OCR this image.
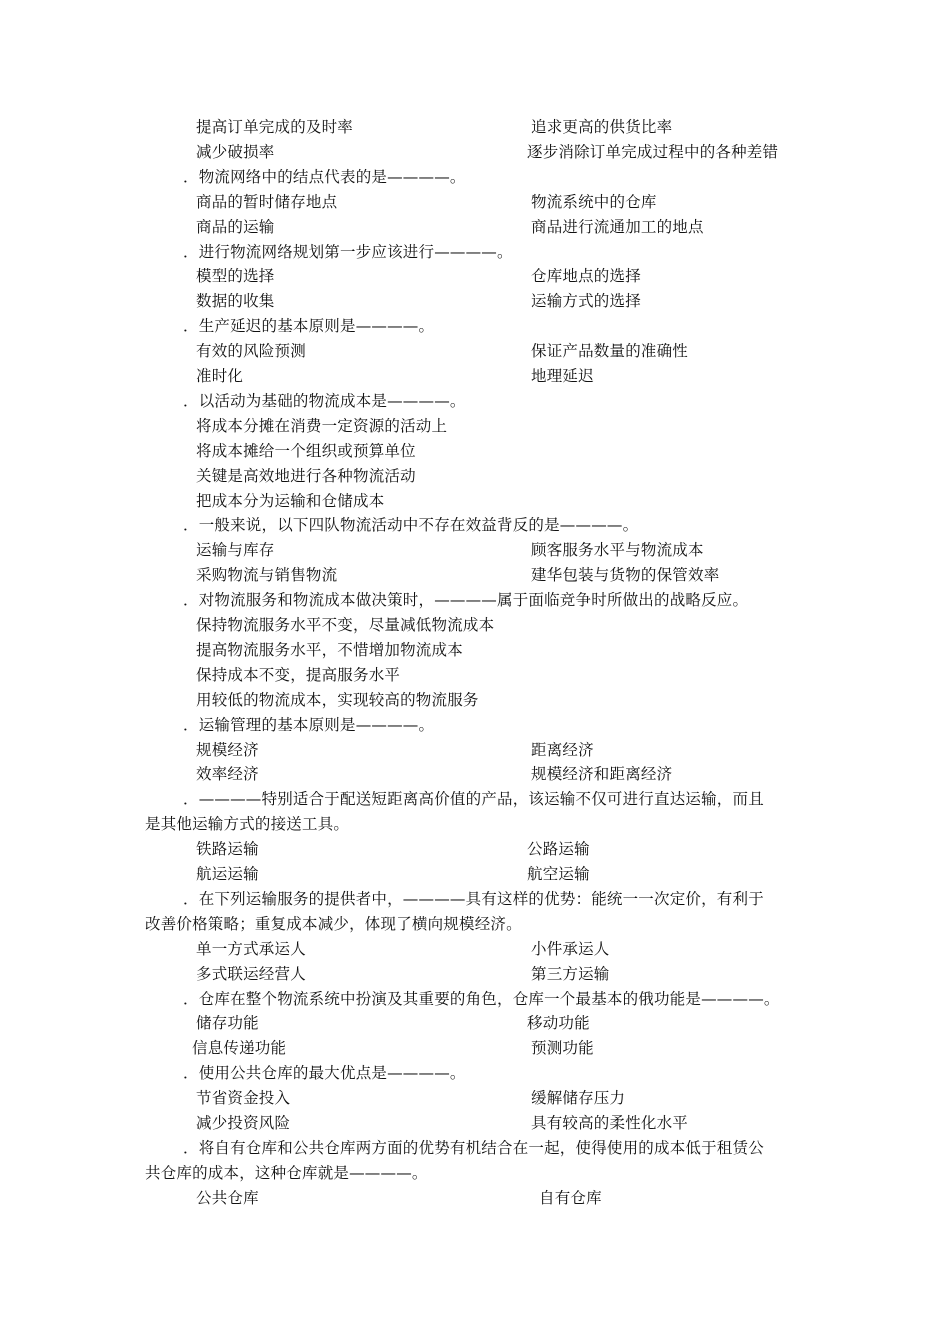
提高订单完成的及时率	追求更高的供货比率
减少破损率	逐步消除订单完成过程中的各种差错
．物流网络中的结点代表的是————。
商品的暂时储存地点	物流系统中的仓库
商品的运输	商品进行流通加工的地点
．进行物流网络规划第一步应该进行————。
模型的选择	仓库地点的选择
数据的收集	运输方式的选择
．生产延迟的基本原则是————。
有效的风险预测	保证产品数量的准确性
准时化	地理延迟
．以活动为基础的物流成本是————。
将成本分摊在消费一定资源的活动上
将成本摊给一个组织或预算单位
关键是高效地进行各种物流活动
把成本分为运输和仓储成本
．一般来说，以下四队物流活动中不存在效益背反的是————。
运输与库存	顾客服务水平与物流成本
采购物流与销售物流	建华包装与货物的保管效率
．对物流服务和物流成本做决策时，————属于面临竞争时所做出的战略反应。
保持物流服务水平不变，尽量减低物流成本
提高物流服务水平，不惜增加物流成本
保持成本不变，提高服务水平
用较低的物流成本，实现较高的物流服务
．运输管理的基本原则是————。
规模经济	距离经济
效率经济	规模经济和距离经济
．————特别适合于配送短距离高价值的产品，该运输不仅可进行直达运输，而且
是其他运输方式的接送工具。
铁路运输	公路运输
航运运输	航空运输
．在下列运输服务的提供者中，————具有这样的优势：能统一一次定价，有利于
改善价格策略；重复成本减少，体现了横向规模经济。
单一方式承运人	小件承运人
多式联运经营人	第三方运输
．仓库在整个物流系统中扮演及其重要的角色，仓库一个最基本的俄功能是————。
储存功能	移动功能
信息传递功能	预测功能
．使用公共仓库的最大优点是————。
节省资金投入	缓解储存压力
减少投资风险	具有较高的柔性化水平
．将自有仓库和公共仓库两方面的优势有机结合在一起，使得使用的成本低于租赁公
共仓库的成本，这种仓库就是————。
公共仓库	自有仓库
